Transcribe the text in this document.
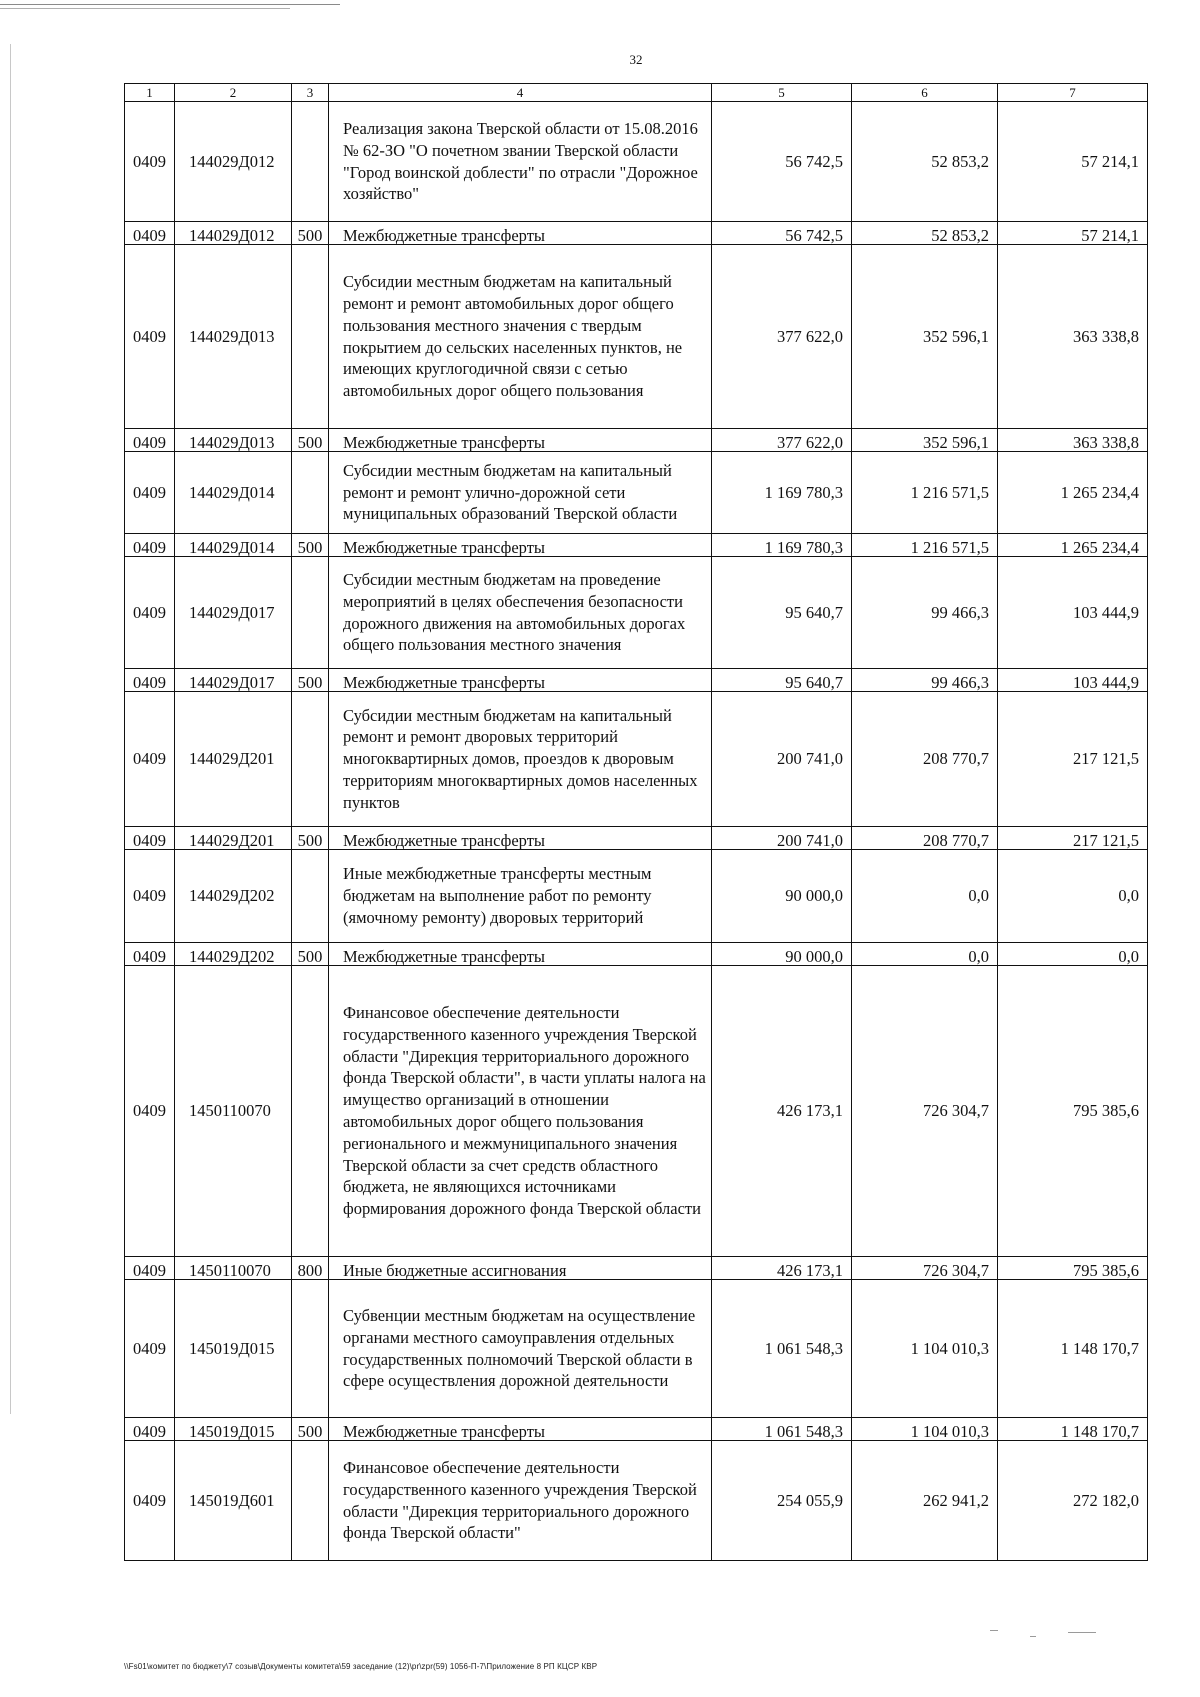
32
1	2	3	4	5	6	7
0409	144029Д012		Реализация закона Тверской области от 15.08.2016 № 62-ЗО "О почетном звании Тверской области "Город воинской доблести" по отрасли "Дорожное хозяйство"	56 742,5	52 853,2	57 214,1
0409	144029Д012	500	Межбюджетные трансферты	56 742,5	52 853,2	57 214,1
0409	144029Д013		Субсидии местным бюджетам на капитальный ремонт и ремонт автомобильных дорог общего пользования местного значения с твердым покрытием до сельских населенных пунктов, не имеющих круглогодичной связи с сетью автомобильных дорог общего пользования	377 622,0	352 596,1	363 338,8
0409	144029Д013	500	Межбюджетные трансферты	377 622,0	352 596,1	363 338,8
0409	144029Д014		Субсидии местным бюджетам на капитальный ремонт и ремонт улично-дорожной сети муниципальных образований Тверской области	1 169 780,3	1 216 571,5	1 265 234,4
0409	144029Д014	500	Межбюджетные трансферты	1 169 780,3	1 216 571,5	1 265 234,4
0409	144029Д017		Субсидии местным бюджетам на проведение мероприятий в целях обеспечения безопасности дорожного движения на автомобильных дорогах общего пользования местного значения	95 640,7	99 466,3	103 444,9
0409	144029Д017	500	Межбюджетные трансферты	95 640,7	99 466,3	103 444,9
0409	144029Д201		Субсидии местным бюджетам на капитальный ремонт и ремонт дворовых территорий многоквартирных домов, проездов к дворовым территориям многоквартирных домов населенных пунктов	200 741,0	208 770,7	217 121,5
0409	144029Д201	500	Межбюджетные трансферты	200 741,0	208 770,7	217 121,5
0409	144029Д202		Иные межбюджетные трансферты местным бюджетам на выполнение работ по ремонту (ямочному ремонту) дворовых территорий	90 000,0	0,0	0,0
0409	144029Д202	500	Межбюджетные трансферты	90 000,0	0,0	0,0
0409	1450110070		Финансовое обеспечение деятельности государственного казенного учреждения Тверской области "Дирекция территориального дорожного фонда Тверской области", в части уплаты налога на имущество организаций в отношении автомобильных дорог общего пользования регионального и межмуниципального значения Тверской области за счет средств областного бюджета, не являющихся источниками формирования дорожного фонда Тверской области	426 173,1	726 304,7	795 385,6
0409	1450110070	800	Иные бюджетные ассигнования	426 173,1	726 304,7	795 385,6
0409	145019Д015		Субвенции местным бюджетам на осуществление органами местного самоуправления отдельных государственных полномочий Тверской области в сфере осуществления дорожной деятельности	1 061 548,3	1 104 010,3	1 148 170,7
0409	145019Д015	500	Межбюджетные трансферты	1 061 548,3	1 104 010,3	1 148 170,7
0409	145019Д601		Финансовое обеспечение деятельности государственного казенного учреждения Тверской области "Дирекция территориального дорожного фонда Тверской области"	254 055,9	262 941,2	272 182,0
\\Fs01\комитет по бюджету\7 созыв\Документы комитета\59 заседание (12)\pr\zpr(59) 1056-П-7\Приложение 8 РП КЦСР КВР
